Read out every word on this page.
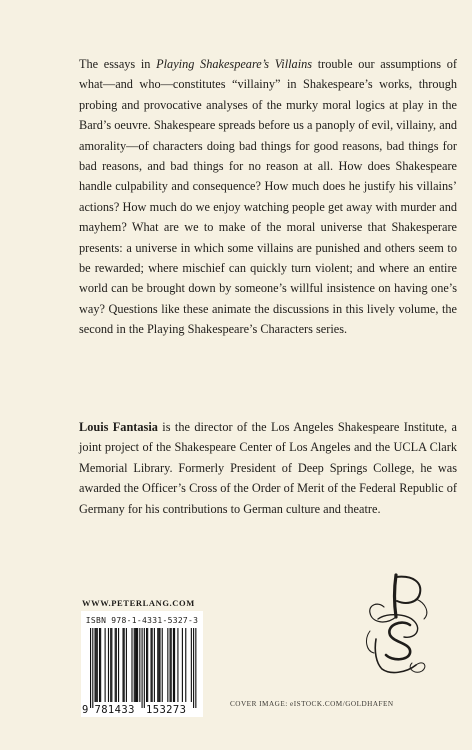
The essays in Playing Shakespeare’s Villains trouble our assumptions of what—and who—constitutes “villainy” in Shakespeare’s works, through probing and provocative analyses of the murky moral logics at play in the Bard’s oeuvre. Shakespeare spreads before us a panoply of evil, villainy, and amorality—of characters doing bad things for good reasons, bad things for bad reasons, and bad things for no reason at all. How does Shakespeare handle culpability and consequence? How much does he justify his villains’ actions? How much do we enjoy watching people get away with murder and mayhem? What are we to make of the moral universe that Shakesperare presents: a universe in which some villains are punished and others seem to be rewarded; where mischief can quickly turn violent; and where an entire world can be brought down by someone’s willful insistence on having one’s way? Questions like these animate the discussions in this lively volume, the second in the Playing Shakespeare’s Characters series.

Louis Fantasia is the director of the Los Angeles Shakespeare Institute, a joint project of the Shakespeare Center of Los Angeles and the UCLA Clark Memorial Library. Formerly President of Deep Springs College, he was awarded the Officer’s Cross of the Order of Merit of the Federal Republic of Germany for his contributions to German culture and theatre.

WWW.PETERLANG.COM
ISBN 978-1-4331-5327-3
9 781433 153273	COVER IMAGE: eISTOCK.COM/GOLDHAFEN
